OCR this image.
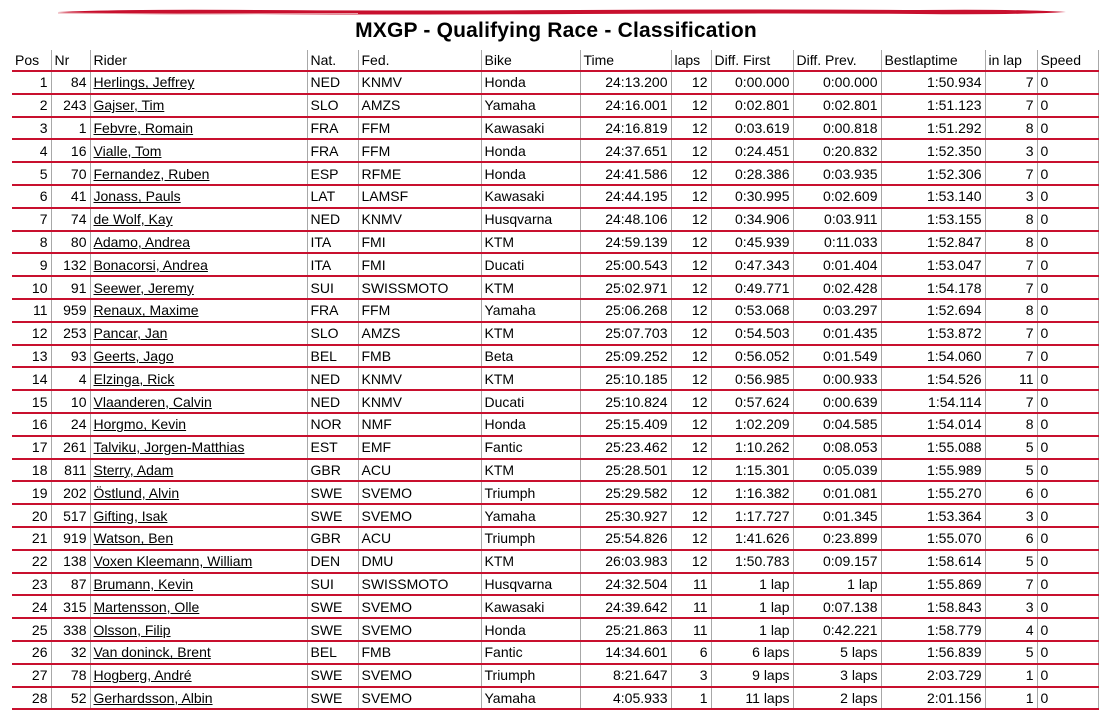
MXGP - Qualifying Race - Classification
Pos	Nr	Rider	Nat.	Fed.	Bike	Time	laps	Diff. First	Diff. Prev.	Bestlaptime	in lap	Speed
1	84	Herlings, Jeffrey	NED	KNMV	Honda	24:13.200	12	0:00.000	0:00.000	1:50.934	7	0
2	243	Gajser, Tim	SLO	AMZS	Yamaha	24:16.001	12	0:02.801	0:02.801	1:51.123	7	0
3	1	Febvre, Romain	FRA	FFM	Kawasaki	24:16.819	12	0:03.619	0:00.818	1:51.292	8	0
4	16	Vialle, Tom	FRA	FFM	Honda	24:37.651	12	0:24.451	0:20.832	1:52.350	3	0
5	70	Fernandez, Ruben	ESP	RFME	Honda	24:41.586	12	0:28.386	0:03.935	1:52.306	7	0
6	41	Jonass, Pauls	LAT	LAMSF	Kawasaki	24:44.195	12	0:30.995	0:02.609	1:53.140	3	0
7	74	de Wolf, Kay	NED	KNMV	Husqvarna	24:48.106	12	0:34.906	0:03.911	1:53.155	8	0
8	80	Adamo, Andrea	ITA	FMI	KTM	24:59.139	12	0:45.939	0:11.033	1:52.847	8	0
9	132	Bonacorsi, Andrea	ITA	FMI	Ducati	25:00.543	12	0:47.343	0:01.404	1:53.047	7	0
10	91	Seewer, Jeremy	SUI	SWISSMOTO	KTM	25:02.971	12	0:49.771	0:02.428	1:54.178	7	0
11	959	Renaux, Maxime	FRA	FFM	Yamaha	25:06.268	12	0:53.068	0:03.297	1:52.694	8	0
12	253	Pancar, Jan	SLO	AMZS	KTM	25:07.703	12	0:54.503	0:01.435	1:53.872	7	0
13	93	Geerts, Jago	BEL	FMB	Beta	25:09.252	12	0:56.052	0:01.549	1:54.060	7	0
14	4	Elzinga, Rick	NED	KNMV	KTM	25:10.185	12	0:56.985	0:00.933	1:54.526	11	0
15	10	Vlaanderen, Calvin	NED	KNMV	Ducati	25:10.824	12	0:57.624	0:00.639	1:54.114	7	0
16	24	Horgmo, Kevin	NOR	NMF	Honda	25:15.409	12	1:02.209	0:04.585	1:54.014	8	0
17	261	Talviku, Jorgen-Matthias	EST	EMF	Fantic	25:23.462	12	1:10.262	0:08.053	1:55.088	5	0
18	811	Sterry, Adam	GBR	ACU	KTM	25:28.501	12	1:15.301	0:05.039	1:55.989	5	0
19	202	Östlund, Alvin	SWE	SVEMO	Triumph	25:29.582	12	1:16.382	0:01.081	1:55.270	6	0
20	517	Gifting, Isak	SWE	SVEMO	Yamaha	25:30.927	12	1:17.727	0:01.345	1:53.364	3	0
21	919	Watson, Ben	GBR	ACU	Triumph	25:54.826	12	1:41.626	0:23.899	1:55.070	6	0
22	138	Voxen Kleemann, William	DEN	DMU	KTM	26:03.983	12	1:50.783	0:09.157	1:58.614	5	0
23	87	Brumann, Kevin	SUI	SWISSMOTO	Husqvarna	24:32.504	11	1 lap	1 lap	1:55.869	7	0
24	315	Martensson, Olle	SWE	SVEMO	Kawasaki	24:39.642	11	1 lap	0:07.138	1:58.843	3	0
25	338	Olsson, Filip	SWE	SVEMO	Honda	25:21.863	11	1 lap	0:42.221	1:58.779	4	0
26	32	Van doninck, Brent	BEL	FMB	Fantic	14:34.601	6	6 laps	5 laps	1:56.839	5	0
27	78	Hogberg, André	SWE	SVEMO	Triumph	8:21.647	3	9 laps	3 laps	2:03.729	1	0
28	52	Gerhardsson, Albin	SWE	SVEMO	Yamaha	4:05.933	1	11 laps	2 laps	2:01.156	1	0
